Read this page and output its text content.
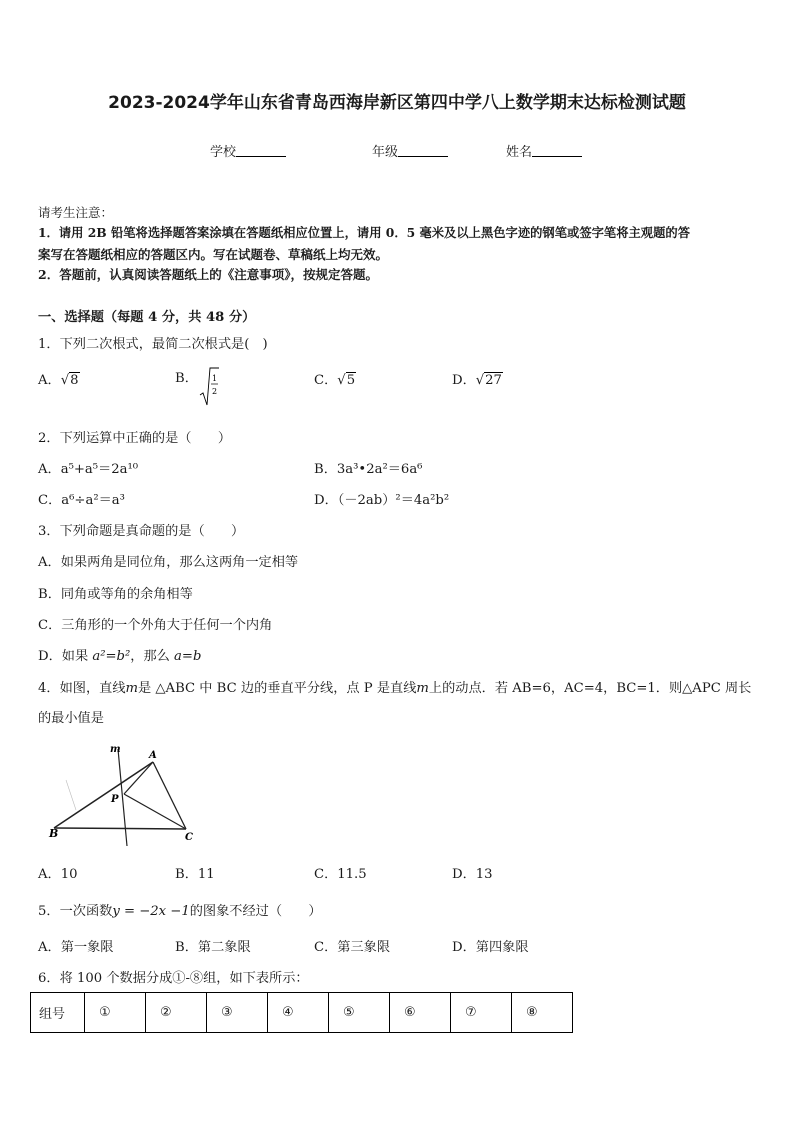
2023-2024学年山东省青岛西海岸新区第四中学八上数学期末达标检测试题
学校	年级	姓名
请考生注意：
1．请用 2B 铅笔将选择题答案涂填在答题纸相应位置上，请用 0．5 毫米及以上黑色字迹的钢笔或签字笔将主观题的答
案写在答题纸相应的答题区内。写在试题卷、草稿纸上均无效。
2．答题前，认真阅读答题纸上的《注意事项》，按规定答题。
一、选择题（每题 4 分，共 48 分）
1．下列二次根式，最简二次根式是(　)
A．√8	B． 1
2
C．√5	D．√27
2．下列运算中正确的是（　　）
A．a⁵+a⁵＝2a¹⁰	B．3a³•2a²＝6a⁶
C．a⁶÷a²＝a³	D．（－2ab）²＝4a²b²
3．下列命题是真命题的是（　　）
A．如果两角是同位角，那么这两角一定相等
B．同角或等角的余角相等
C．三角形的一个外角大于任何一个内角
D．如果 a²=b²，那么 a=b
4．如图，直线m是 △ABC 中 BC 边的垂直平分线，点 P 是直线m上的动点．若 AB=6，AC=4，BC=1．则△APC 周长
的最小值是
m
A
P
B	C
A．10	B．11	C．11.5	D．13
5．一次函数y = −2x −1的图象不经过（　　）
A．第一象限	B．第二象限	C．第三象限	D．第四象限
6．将 100 个数据分成①-⑧组，如下表所示：
组号	①	②	③	④	⑤	⑥	⑦	⑧
